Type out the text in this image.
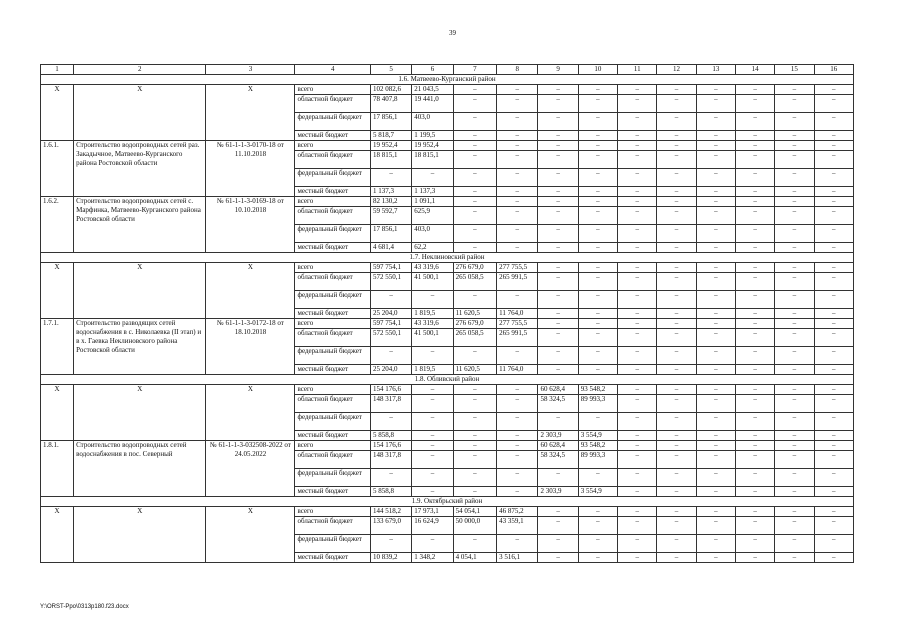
39
1	2	3	4	5	6	7	8	9	10	11	12	13	14	15	16
1.6. Матвеево-Курганский район															
X	X	X	всего	102 082,6	21 043,5	–	–	–	–	–	–	–	–	–	–
			областной бюджет	78 407,8	19 441,0	–	–	–	–	–	–	–	–	–	–
			федеральный бюджет	17 856,1	403,0	–	–	–	–	–	–	–	–	–	–
			местный бюджет	5 818,7	1 199,5	–	–	–	–	–	–	–	–	–	–
1.6.1.	Строительство водопроводных сетей раз. Закадычное, Матвеево-Курганского района Ростовской области	№ 61-1-1-3-0170-18 от 11.10.2018	всего	19 952,4	19 952,4	–	–	–	–	–	–	–	–	–	–
			областной бюджет	18 815,1	18 815,1	–	–	–	–	–	–	–	–	–	–
			федеральный бюджет	–	–	–	–	–	–	–	–	–	–	–	–
			местный бюджет	1 137,3	1 137,3	–	–	–	–	–	–	–	–	–	–
1.6.2.	Строительство водопроводных сетей с. Марфинка, Матвеево-Курганского района Ростовской области	№ 61-1-1-3-0169-18 от 10.10.2018	всего	82 130,2	1 091,1	–	–	–	–	–	–	–	–	–	–
			областной бюджет	59 592,7	625,9	–	–	–	–	–	–	–	–	–	–
			федеральный бюджет	17 856,1	403,0	–	–	–	–	–	–	–	–	–	–
			местный бюджет	4 681,4	62,2	–	–	–	–	–	–	–	–	–	–
1.7. Неклиновский район															
X	X	X	всего	597 754,1	43 319,6	276 679,0	277 755,5	–	–	–	–	–	–	–	–
			областной бюджет	572 550,1	41 500,1	265 058,5	265 991,5	–	–	–	–	–	–	–	–
			федеральный бюджет	–	–	–	–	–	–	–	–	–	–	–	–
			местный бюджет	25 204,0	1 819,5	11 620,5	11 764,0	–	–	–	–	–	–	–	–
1.7.1.	Строительство разводящих сетей водоснабжения в с. Николаевка (II этап) и в х. Гаевка Неклиновского района Ростовской области	№ 61-1-1-3-0172-18 от 18.10.2018	всего	597 754,1	43 319,6	276 679,0	277 755,5	–	–	–	–	–	–	–	–
			областной бюджет	572 550,1	41 500,1	265 058,5	265 991,5	–	–	–	–	–	–	–	–
			федеральный бюджет	–	–	–	–	–	–	–	–	–	–	–	–
			местный бюджет	25 204,0	1 819,5	11 620,5	11 764,0	–	–	–	–	–	–	–	–
1.8. Обливский район															
X	X	X	всего	154 176,6	–	–	–	60 628,4	93 548,2	–	–	–	–	–	–
			областной бюджет	148 317,8	–	–	–	58 324,5	89 993,3	–	–	–	–	–	–
			федеральный бюджет	–	–	–	–	–	–	–	–	–	–	–	–
			местный бюджет	5 858,8	–	–	–	2 303,9	3 554,9	–	–	–	–	–	–
1.8.1.	Строительство водопроводных сетей водоснабжения в пос. Северный	№ 61-1-1-3-032508-2022 от 24.05.2022	всего	154 176,6	–	–	–	60 628,4	93 548,2	–	–	–	–	–	–
			областной бюджет	148 317,8	–	–	–	58 324,5	89 993,3	–	–	–	–	–	–
			федеральный бюджет	–	–	–	–	–	–	–	–	–	–	–	–
			местный бюджет	5 858,8	–	–	–	2 303,9	3 554,9	–	–	–	–	–	–
1.9. Октябрьский район															
X	X	X	всего	144 518,2	17 973,1	54 054,1	46 875,2	–	–	–	–	–	–	–	–
			областной бюджет	133 679,0	16 624,9	50 000,0	43 359,1	–	–	–	–	–	–	–	–
			федеральный бюджет	–	–	–	–	–	–	–	–	–	–	–	–
			местный бюджет	10 839,2	1 348,2	4 054,1	3 516,1	–	–	–	–	–	–	–	–
Y:\ORST-Ppo\0313p180.f23.docx
